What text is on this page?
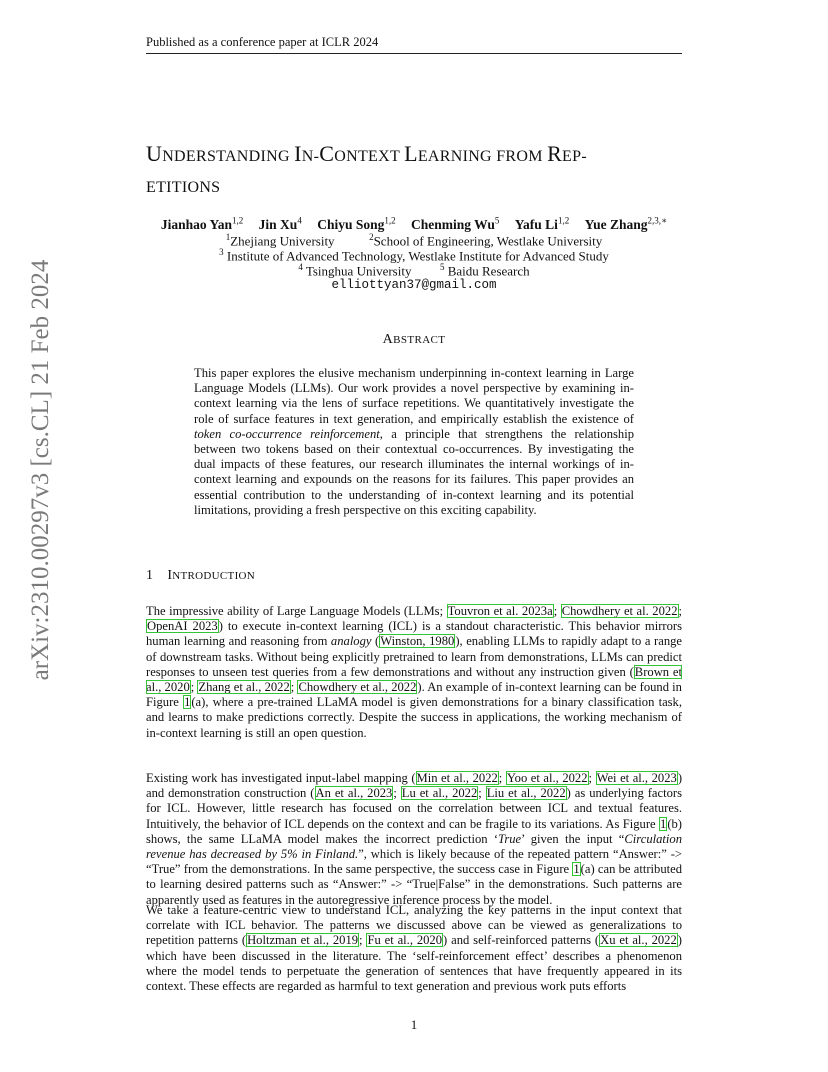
Published as a conference paper at ICLR 2024
arXiv:2310.00297v3 [cs.CL] 21 Feb 2024
UNDERSTANDING IN-CONTEXT LEARNING FROM REP-
ETITIONS
Jianhao Yan$^{1,2}$ Jin Xu$^4$ Chiyu Song$^{1,2}$ Chenming Wu$^5$ Yafu Li$^{1,2}$ Yue Zhang$^{2,3,∗}$
$^1$Zhejiang University	$^2$School of Engineering, Westlake University
$^3$ Institute of Advanced Technology, Westlake Institute for Advanced Study
$^4$ Tsinghua University	$^5$ Baidu Research
elliottyan37@gmail.com
ABSTRACT
This paper explores the elusive mechanism underpinning in-context learning in Large Language Models (LLMs). Our work provides a novel perspective by examining in-context learning via the lens of surface repetitions. We quantitatively investigate the role of surface features in text generation, and empirically establish the existence of token co-occurrence reinforcement, a principle that strengthens the relationship between two tokens based on their contextual co-occurrences. By investigating the dual impacts of these features, our research illuminates the internal workings of in-context learning and expounds on the reasons for its failures. This paper provides an essential contribution to the understanding of in-context learning and its potential limitations, providing a fresh perspective on this exciting capability.
1 INTRODUCTION
The impressive ability of Large Language Models (LLMs; Touvron et al. 2023a; Chowdhery et al. 2022; OpenAI 2023) to execute in-context learning (ICL) is a standout characteristic. This behavior mirrors human learning and reasoning from analogy (Winston, 1980), enabling LLMs to rapidly adapt to a range of downstream tasks. Without being explicitly pretrained to learn from demonstrations, LLMs can predict responses to unseen test queries from a few demonstrations and without any instruction given (Brown et al., 2020; Zhang et al., 2022; Chowdhery et al., 2022). An example of in-context learning can be found in Figure 1(a), where a pre-trained LLaMA model is given demonstrations for a binary classification task, and learns to make predictions correctly. Despite the success in applications, the working mechanism of in-context learning is still an open question.
Existing work has investigated input-label mapping (Min et al., 2022; Yoo et al., 2022; Wei et al., 2023) and demonstration construction (An et al., 2023; Lu et al., 2022; Liu et al., 2022) as underlying factors for ICL. However, little research has focused on the correlation between ICL and textual features. Intuitively, the behavior of ICL depends on the context and can be fragile to its variations. As Figure 1(b) shows, the same LLaMA model makes the incorrect prediction ‘True’ given the input “Circulation revenue has decreased by 5% in Finland.”, which is likely because of the repeated pattern “Answer:” -> “True” from the demonstrations. In the same perspective, the success case in Figure 1(a) can be attributed to learning desired patterns such as “Answer:” -> “True|False” in the demonstrations. Such patterns are apparently used as features in the autoregressive inference process by the model.
We take a feature-centric view to understand ICL, analyzing the key patterns in the input context that correlate with ICL behavior. The patterns we discussed above can be viewed as generalizations to repetition patterns (Holtzman et al., 2019; Fu et al., 2020) and self-reinforced patterns (Xu et al., 2022) which have been discussed in the literature. The ‘self-reinforcement effect’ describes a phenomenon where the model tends to perpetuate the generation of sentences that have frequently appeared in its context. These effects are regarded as harmful to text generation and previous work puts efforts
1
